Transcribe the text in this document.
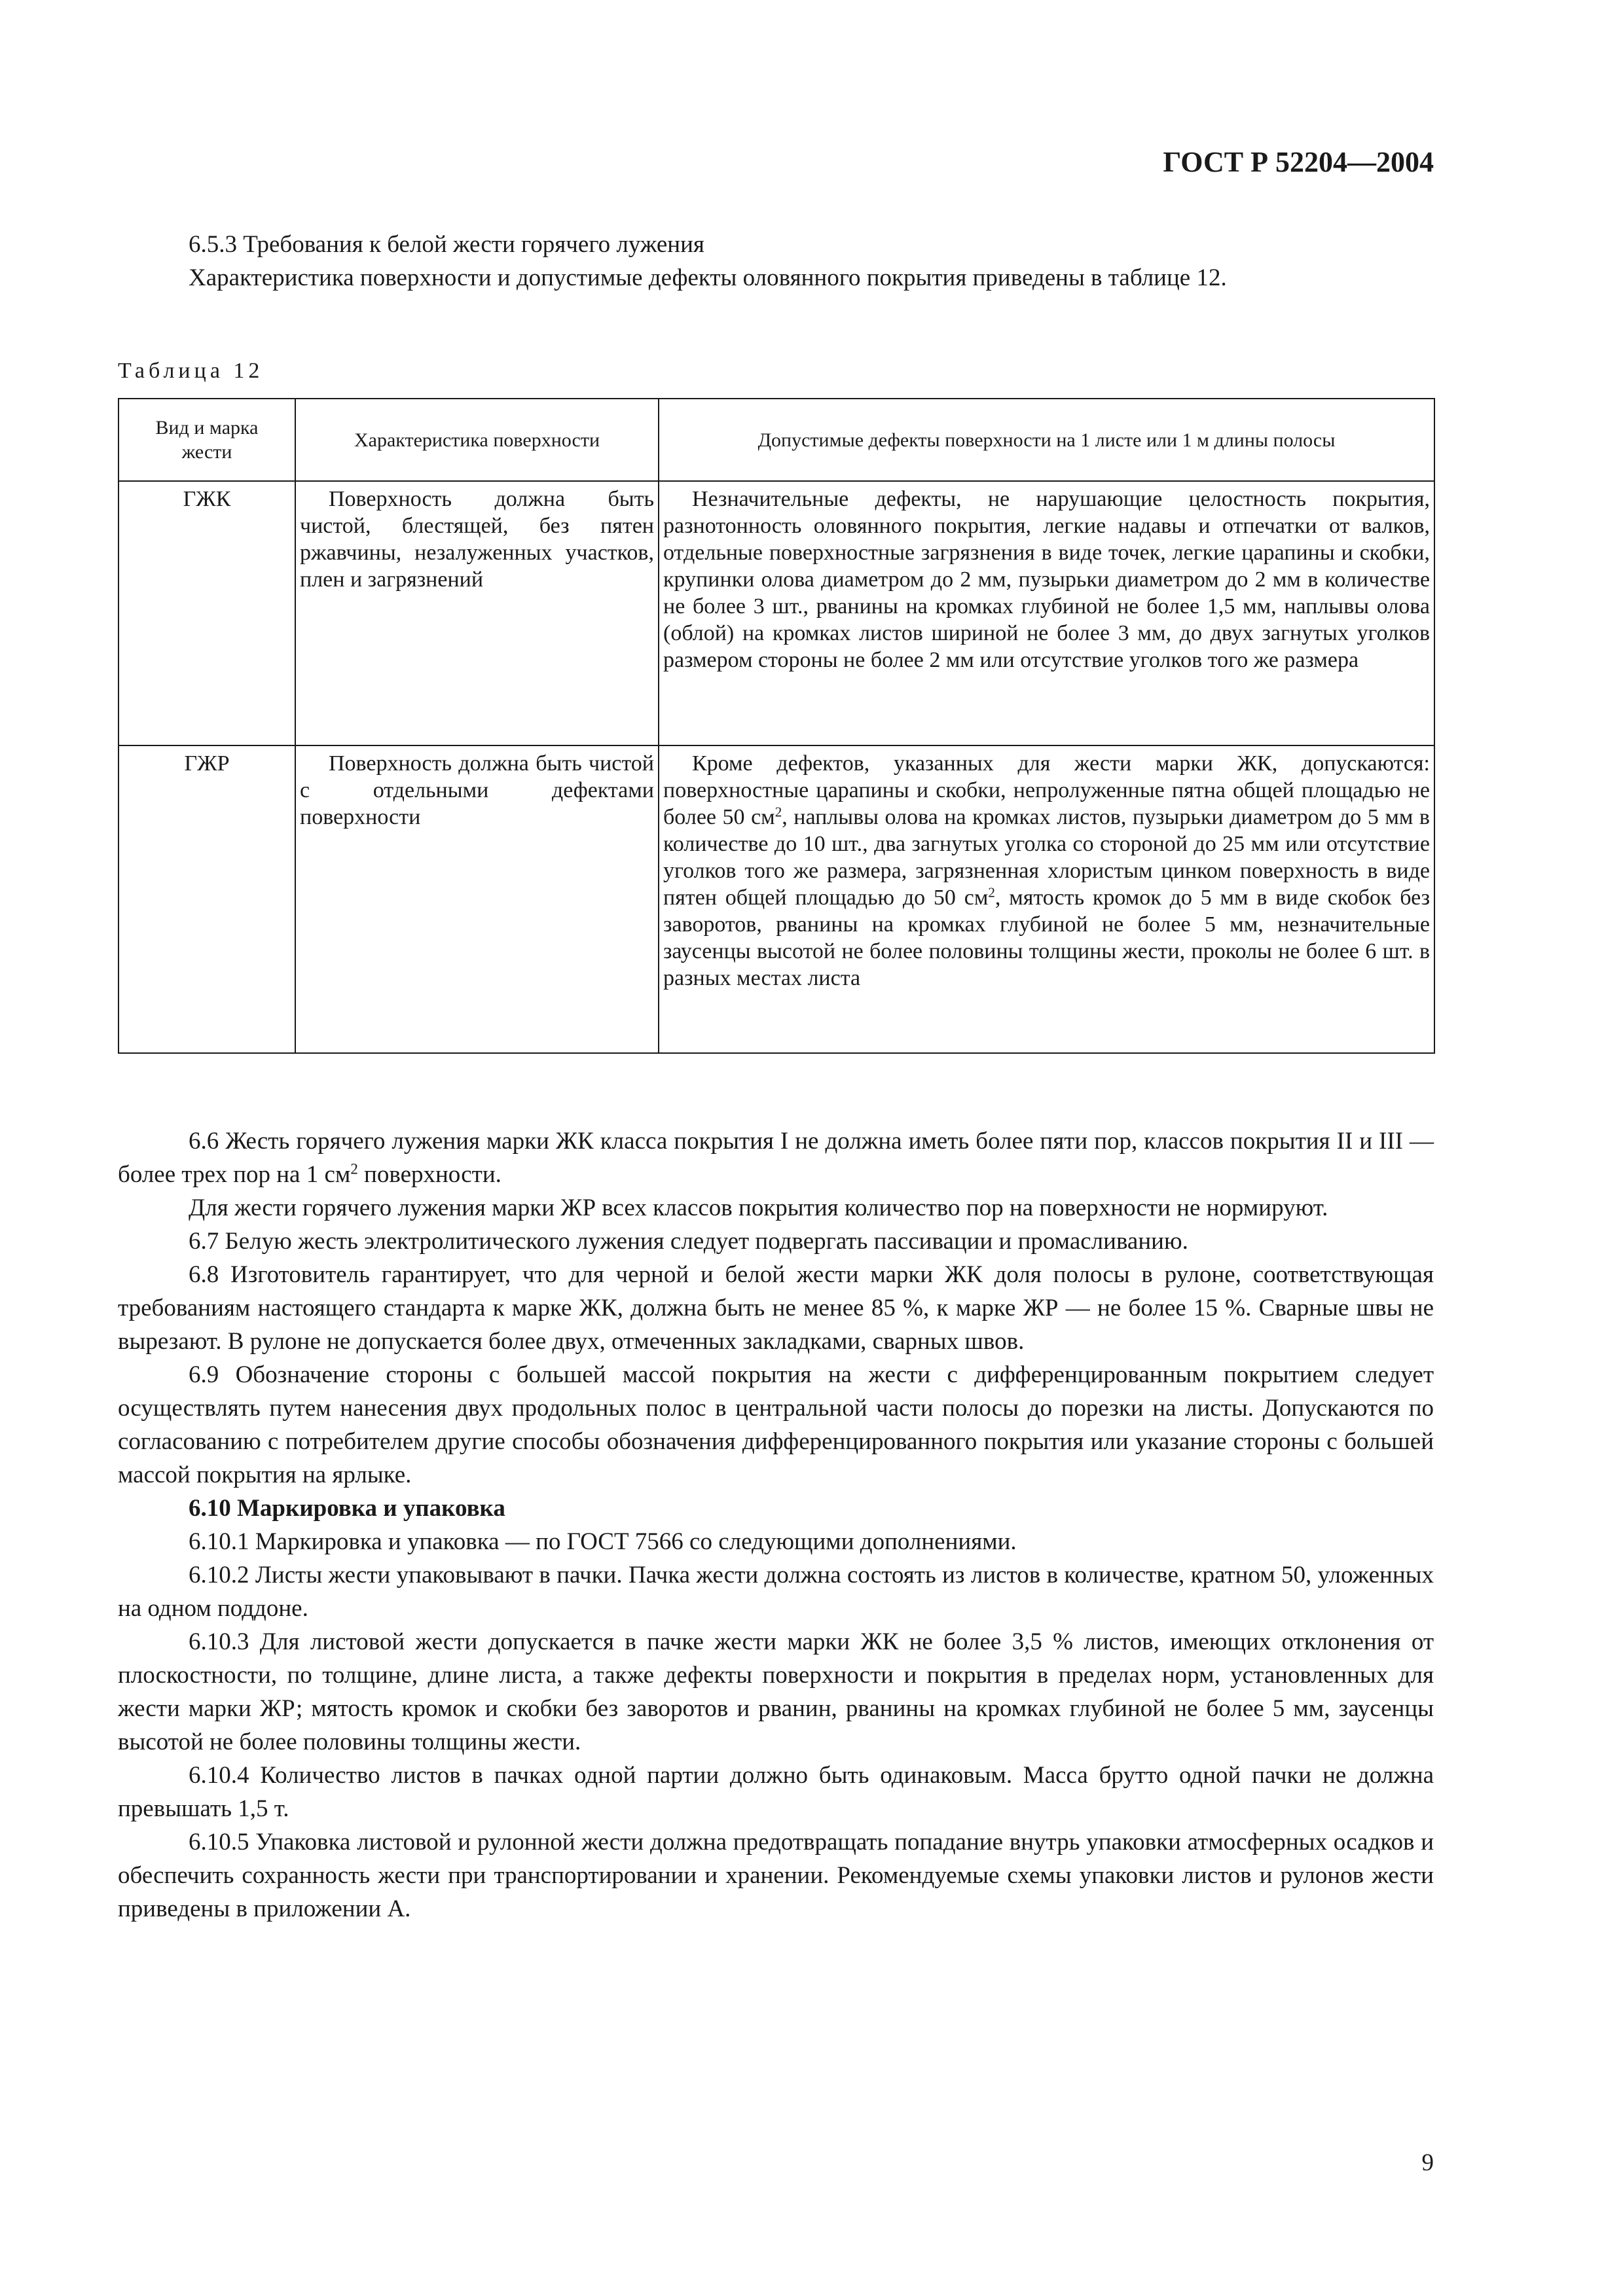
ГОСТ Р 52204—2004

6.5.3 Требования к белой жести горячего лужения

Характеристика поверхности и допустимые дефекты оловянного покрытия приведены в таблице 12.

Таблица 12
Вид и марка жести	Характеристика поверхности	Допустимые дефекты поверхности на 1 листе или 1 м длины полосы
ГЖК	Поверхность должна быть чистой, блестящей, без пятен ржавчины, незалуженных участков, плен и загрязнений	Незначительные дефекты, не нарушающие целостность покрытия, разнотонность оловянного покрытия, легкие надавы и отпечатки от валков, отдельные поверхностные загрязнения в виде точек, легкие царапины и скобки, крупинки олова диаметром до 2 мм, пузырьки диаметром до 2 мм в количестве не более 3 шт., рванины на кромках глубиной не более 1,5 мм, наплывы олова (облой) на кромках листов шириной не более 3 мм, до двух загнутых уголков размером стороны не более 2 мм или отсутствие уголков того же размера

ГЖР	Поверхность должна быть чистой с отдельными дефектами поверхности	Кроме дефектов, указанных для жести марки ЖК, допускаются: поверхностные царапины и скобки, непролуженные пятна общей площадью не более 50 $см^2$, наплывы олова на кромках листов, пузырьки диаметром до 5 мм в количестве до 10 шт., два загнутых уголка со стороной до 25 мм или отсутствие уголков того же размера, загрязненная хлористым цинком поверхность в виде пятен общей площадью до 50 $см^2$, мятость кромок до 5 мм в виде скобок без заворотов, рванины на кромках глубиной не более 5 мм, незначительные заусенцы высотой не более половины толщины жести, проколы не более 6 шт. в разных местах листа

6.6 Жесть горячего лужения марки ЖК класса покрытия I не должна иметь более пяти пор, классов покрытия II и III — более трех пор на 1 $см^2$ поверхности.

Для жести горячего лужения марки ЖР всех классов покрытия количество пор на поверхности не нормируют.

6.7 Белую жесть электролитического лужения следует подвергать пассивации и промасливанию.

6.8 Изготовитель гарантирует, что для черной и белой жести марки ЖК доля полосы в рулоне, соответствующая требованиям настоящего стандарта к марке ЖК, должна быть не менее 85 %, к марке ЖР — не более 15 %. Сварные швы не вырезают. В рулоне не допускается более двух, отмеченных закладками, сварных швов.

6.9 Обозначение стороны с большей массой покрытия на жести с дифференцированным покрытием следует осуществлять путем нанесения двух продольных полос в центральной части полосы до порезки на листы. Допускаются по согласованию с потребителем другие способы обозначения дифференцированного покрытия или указание стороны с большей массой покрытия на ярлыке.

6.10 Маркировка и упаковка

6.10.1 Маркировка и упаковка — по ГОСТ 7566 со следующими дополнениями.

6.10.2 Листы жести упаковывают в пачки. Пачка жести должна состоять из листов в количестве, кратном 50, уложенных на одном поддоне.

6.10.3 Для листовой жести допускается в пачке жести марки ЖК не более 3,5 % листов, имеющих отклонения от плоскостности, по толщине, длине листа, а также дефекты поверхности и покрытия в пределах норм, установленных для жести марки ЖР; мятость кромок и скобки без заворотов и рванин, рванины на кромках глубиной не более 5 мм, заусенцы высотой не более половины толщины жести.

6.10.4 Количество листов в пачках одной партии должно быть одинаковым. Масса брутто одной пачки не должна превышать 1,5 т.

6.10.5 Упаковка листовой и рулонной жести должна предотвращать попадание внутрь упаковки атмосферных осадков и обеспечить сохранность жести при транспортировании и хранении. Рекомендуемые схемы упаковки листов и рулонов жести приведены в приложении А.

9
